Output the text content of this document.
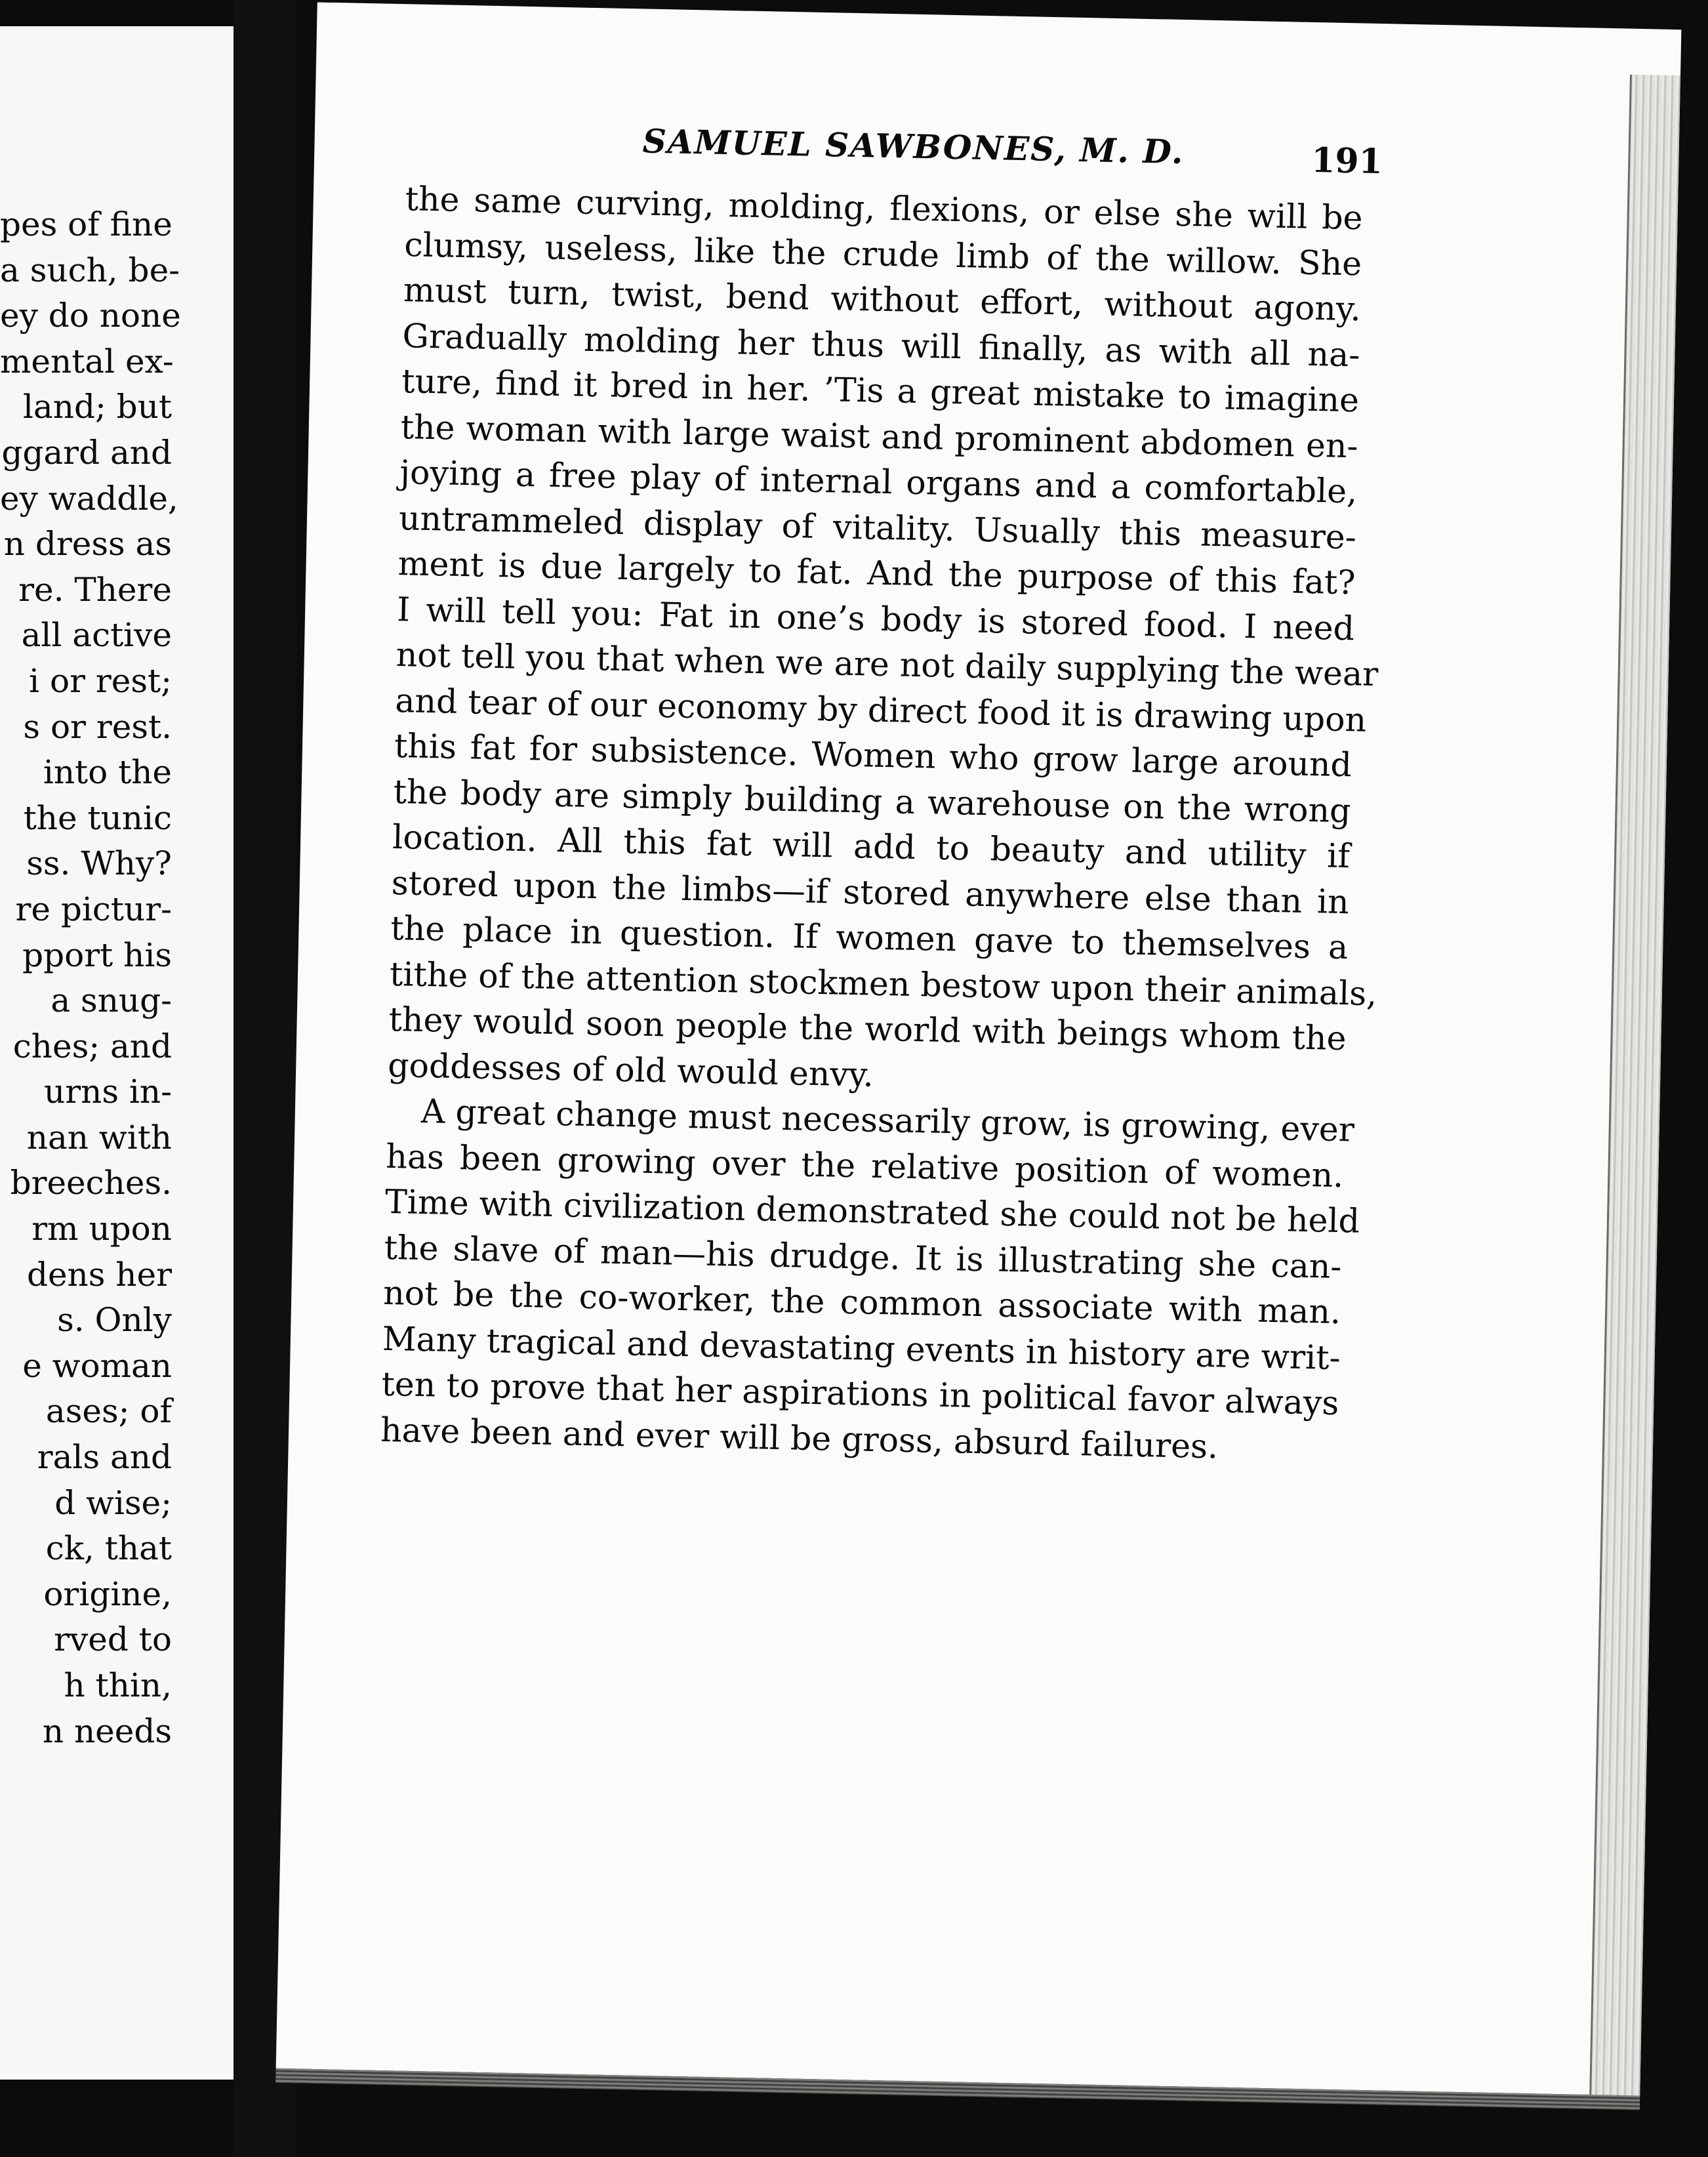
pes of fine
a such, be-
ey do none
mental ex-
land; but
ggard and
ey waddle,
n dress as
re. There
all active
i or rest;
s or rest.
into the
the tunic
ss. Why?
re pictur-
pport his
a snug-
ches; and
urns in-
nan with
breeches.
rm upon
dens her
s. Only
e woman
ases; of
rals and
d wise;
ck, that
origine,
rved to
h thin,
n needs
SAMUEL SAWBONES, M. D.	191
the same curving, molding, flexions, or else she will be
clumsy, useless, like the crude limb of the willow. She
must turn, twist, bend without effort, without agony.
Gradually molding her thus will finally, as with all na-
ture, find it bred in her. ’Tis a great mistake to imagine
the woman with large waist and prominent abdomen en-
joying a free play of internal organs and a comfortable,
untrammeled display of vitality. Usually this measure-
ment is due largely to fat. And the purpose of this fat?
I will tell you: Fat in one’s body is stored food. I need
not tell you that when we are not daily supplying the wear
and tear of our economy by direct food it is drawing upon
this fat for subsistence. Women who grow large around
the body are simply building a warehouse on the wrong
location. All this fat will add to beauty and utility if
stored upon the limbs—if stored anywhere else than in
the place in question. If women gave to themselves a
tithe of the attention stockmen bestow upon their animals,
they would soon people the world with beings whom the
goddesses of old would envy.
A great change must necessarily grow, is growing, ever
has been growing over the relative position of women.
Time with civilization demonstrated she could not be held
the slave of man—his drudge. It is illustrating she can-
not be the co-worker, the common associate with man.
Many tragical and devastating events in history are writ-
ten to prove that her aspirations in political favor always
have been and ever will be gross, absurd failures.
